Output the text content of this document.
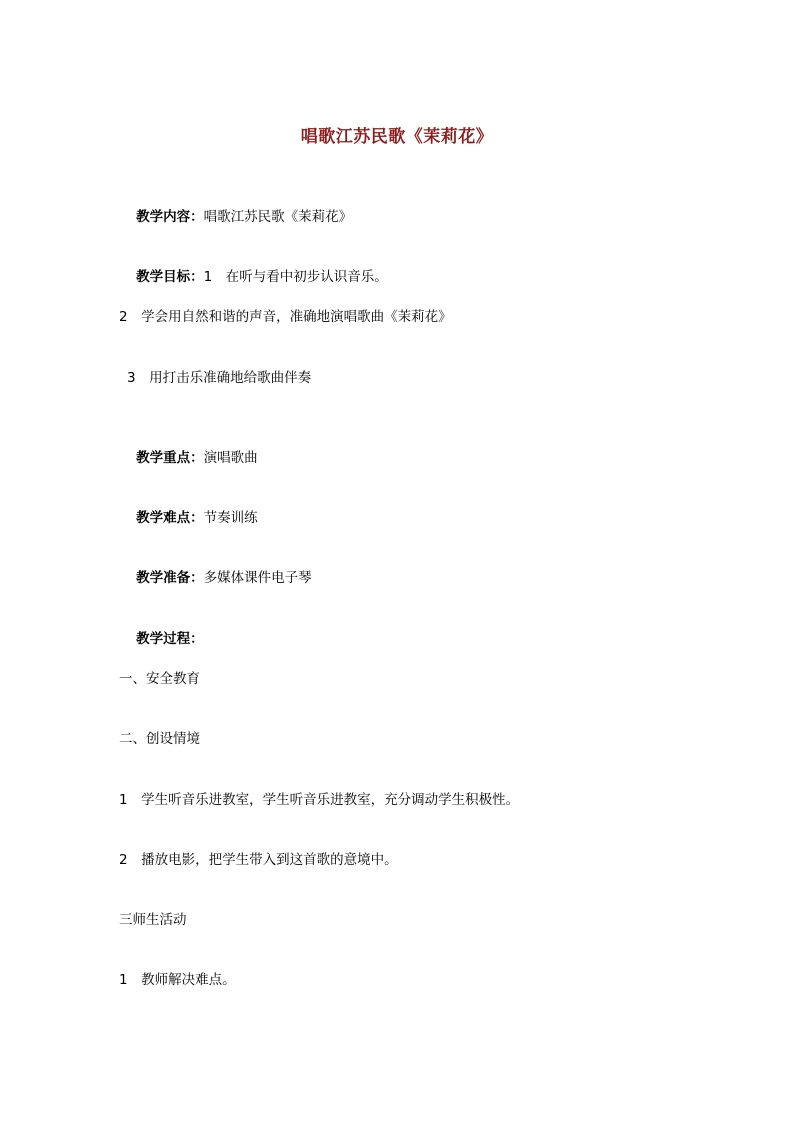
唱歌江苏民歌《茉莉花》

教学内容：唱歌江苏民歌《茉莉花》

教学目标：1　在听与看中初步认识音乐。

2　学会用自然和谐的声音，准确地演唱歌曲《茉莉花》
3　用打击乐准确地给歌曲伴奏

教学重点：演唱歌曲

教学难点：节奏训练

教学准备：多媒体课件电子琴

教学过程：

一、安全教育
二、创设情境
1　学生听音乐进教室，学生听音乐进教室，充分调动学生积极性。
2　播放电影，把学生带入到这首歌的意境中。
三师生活动
1　教师解决难点。
